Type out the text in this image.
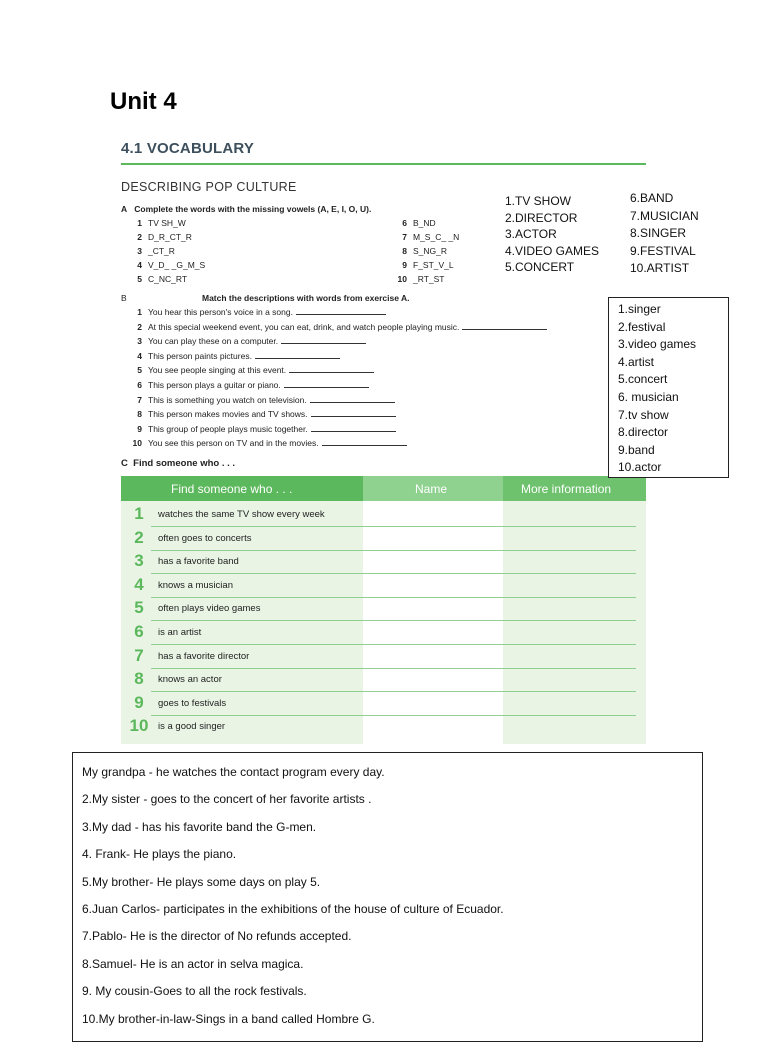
Unit 4
4.1 VOCABULARY
DESCRIBING POP CULTURE
A Complete the words with the missing vowels (A, E, I, O, U).
1 TV SH_W
2 D_R_CT_R
3 _CT_R
4 V_D_ _G_M_S
5 C_NC_RT
6 B_ND
7 M_S_C_ _N
8 S_NG_R
9 F_ST_V_L
10 _RT_ST
B	Match the descriptions with words from exercise A.
1 You hear this person's voice in a song.
2 At this special weekend event, you can eat, drink, and watch people playing music.
3 You can play these on a computer.
4 This person paints pictures.
5 You see people singing at this event.
6 This person plays a guitar or piano.
7 This is something you watch on television.
8 This person makes movies and TV shows.
9 This group of people plays music together.
10 You see this person on TV and in the movies.
C Find someone who . . .
Find someone who . . .	Name	More information
1	watches the same TV show every week
2	often goes to concerts
3	has a favorite band
4	knows a musician
5	often plays video games
6	is an artist
7	has a favorite director
8	knows an actor
9	goes to festivals
10 is a good singer
1.TV SHOW
2.DIRECTOR
3.ACTOR
4.VIDEO GAMES
5.CONCERT
6.BAND
7.MUSICIAN
8.SINGER
9.FESTIVAL
10.ARTIST
1.singer
2.festival
3.video games
4.artist
5.concert
6. musician
7.tv show
8.director
9.band
10.actor
My grandpa - he watches the contact program every day.
2.My sister - goes to the concert of her favorite artists .
3.My dad - has his favorite band the G-men.
4. Frank- He plays the piano.
5.My brother- He plays some days on play 5.
6.Juan Carlos- participates in the exhibitions of the house of culture of Ecuador.
7.Pablo- He is the director of No refunds accepted.
8.Samuel- He is an actor in selva magica.
9. My cousin-Goes to all the rock festivals.
10.My brother-in-law-Sings in a band called Hombre G.
